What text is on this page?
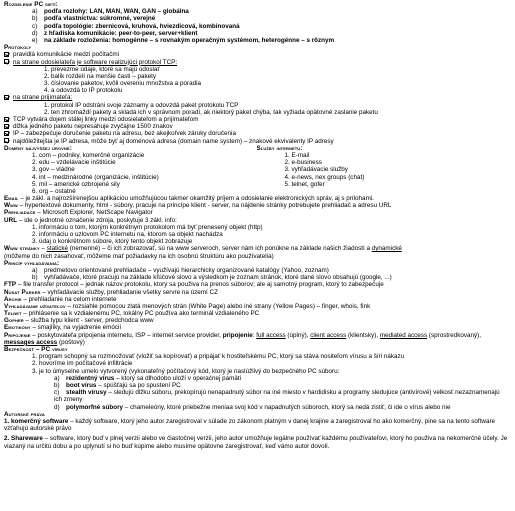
Rozdelenie PC sietí:
a) podľa rozlohy: LAN, MAN, WAN, GAN – globálna
b) podľa vlastníctva: súkromné, verejné
c) podľa topológie: zbernicová, kruhová, hviezdicová, kombinovaná
d) z hľadiska komunikácie: peer-to-peer, server+klient
e) na základe rozloženia: homogénne – s rovnakým operačným systémom, heterogénne – s rôznym
Protokoly
pravidlá komunikácie medzi počítačmi
na strane odosielateľa je software realizujúci protokol TCP:
1. prevezme údaje, ktoré sa majú odoslať
2. balík rozdelí na menšie časti – pakety
3. číslovanie paketov, kvôli overeniu množstva a poradia
4. a odovzdá to IP protokolu
na strane prijímateľa:
1. protokol IP odstráni svoje záznamy a odovzdá paket protokolu TCP
2. ten zhromaždí pakety a skladá ich v správnom poradí, ak niektorý paket chýba, tak vyžiada opätovné zaslanie paketu
TCP vytvára dojem stálej linky medzi odosielateľom a prijímateľom
dĺžka jedného paketu nepresahuje zvyčajne 1500 znakov
IP – zabezpečuje doručenie paketu na adresu, bez akejkoľvek záruky doručenia
najdôležitejšia je IP adresa, môže byť aj doménová adresa (domain name system) – znakové ekvivalenty IP adresy
Domény najvyššej úrovne:
1. com – podniky, komerčné organizácie
2. edu – vzdelávacie inštitúcie
3. gov – vládne
4. int – medzinárodné (organizácie, inštitúcie)
5. mil – americké ozbrojené sily
6. org – ostatné
Služby internetu:
1. E-mail
2. e-business
3. vyhľadávacie služby
4. e-news, nex groups (chat)
5. telnet, gofer
Email – je zákl. a najrozšírenejšou aplikáciou umožňujúcou takmer okamžitý príjem a odosielanie elektronických správ, aj s prílohami.
Www – hypertextové dokumenty, html - súbory, pracuje na princípe klient - server, na nájdenie stránky potrebujete prehliadač a adresu URL
Prehliadače – Microsoft Explorer, NetScape Navigator
URL – ide o jednotné označenie zdroja, poskytuje 3 zákl. info:
1. informáciu o tom, ktorým konkrétnym protokolom má byť prenesený objekt (http)
2. informáciu o uzlovom PC internetu na, ktorom sa objekt nachádza
3. údaj o konkrétnom súbore, ktorý tento objekt zobrazuje
Www stránky – statické (nemenné) – či ich zobrazovať, sú na www serveroch, server nám ich ponúkne na základe našich žiadostí a dynamické
(môžeme do nich zasahovať, môžeme mať požiadavky na ich osobnú štruktúru ako používatelia)
Princíp vyhľadávania:
a) predmetovo orientované prehliadače – využívajú hierarchicky organizované katalógy (Yahoo, zoznam)
b) vyhľadávače, ktoré pracujú na základe kľúčové slovo a výsledkom je zoznam stránok, ktoré dané slovo obsahujú (google, ...)
FTP – file transfer protocol – jednak názov protokolu, ktorý sa použiva na prenos súborov; ale aj samotný program, ktorý to zabezpečuje
Nusat Parker – vyhľadávacie služby, prehliadanie všetky servre na území CZ
Archie – prehliadanie na celom internete
Vyhľadávanie užívateľov – rozsiahle pomocou zlatá menových strán (White Page) alebo iné strany (Yellow Pages) – finger, whois, fink
Telnet – prihlásenie sa k vzdialenému PC, lokálny PC používa ako terminál vzdialeného PC
Gopher – služba typu klient - server, predchodca www
Emotikony – smajlíky, na vyjadrenie emócií
Pripojenie – poskytovateľa pripojenia internetu, ISP – internet service provider, pripojenie: full access (úplný), client access (klientsky), mediated access (sprostredkovaný), messages access (poštový)
Bezpečnosť – PC vírusy
1. program schopný sa rozmnožovať (vložiť sa kopírovať) a pripájať k hostiteľskému PC, ktorý sa stáva nositeľom vírusu a šíri nákazu
2. hovoríme im počítačové infiltrácie
3. je to úmyselne umelo vytvorený (vykonateľný počítačový kód, ktorý je naslúžlivý do bezpečného PC súboru:
a) rezidentný vírus – ktorý sa dlhodobo uloží v operačnej pamäti
b) boot vírus – spúšťajú sa po spustení PC
c) stealth vírusy – sledujú dĺžku súboru, prekopírujú nenapadnutý súbor na iné miesto v hardidisku a programy sledujúce (antivírové) velkosť nezaznamenajú ich zmeny
d) polymorfné súbory – chameleóny, ktoré priebežne meniaa svoj kód v napadnutých súboroch, ktorý sa nedá zistiť, či ide o vírus alebo nie
Autorské práva
1. komerčný software – každý software, ktorý jeho autor zaregistroval v súlade zo zákonom platným v danej krajine a zaregistroval ho ako komerčný, pine sa na tento software vzťahujú autorské právo
2. Shareware – software, ktorý buď v plnej verzii alebo ve čiastočnej verzii, jeho autor umožňuje legálne používať každému používateľovi, ktorý ho použiva na nekomerčné účely. Je viazaný na určitú dobu a po uplynutí si ho buď kúpime alebo musíme opätovne zaregistrovať, keď vámo autor dovolí.
